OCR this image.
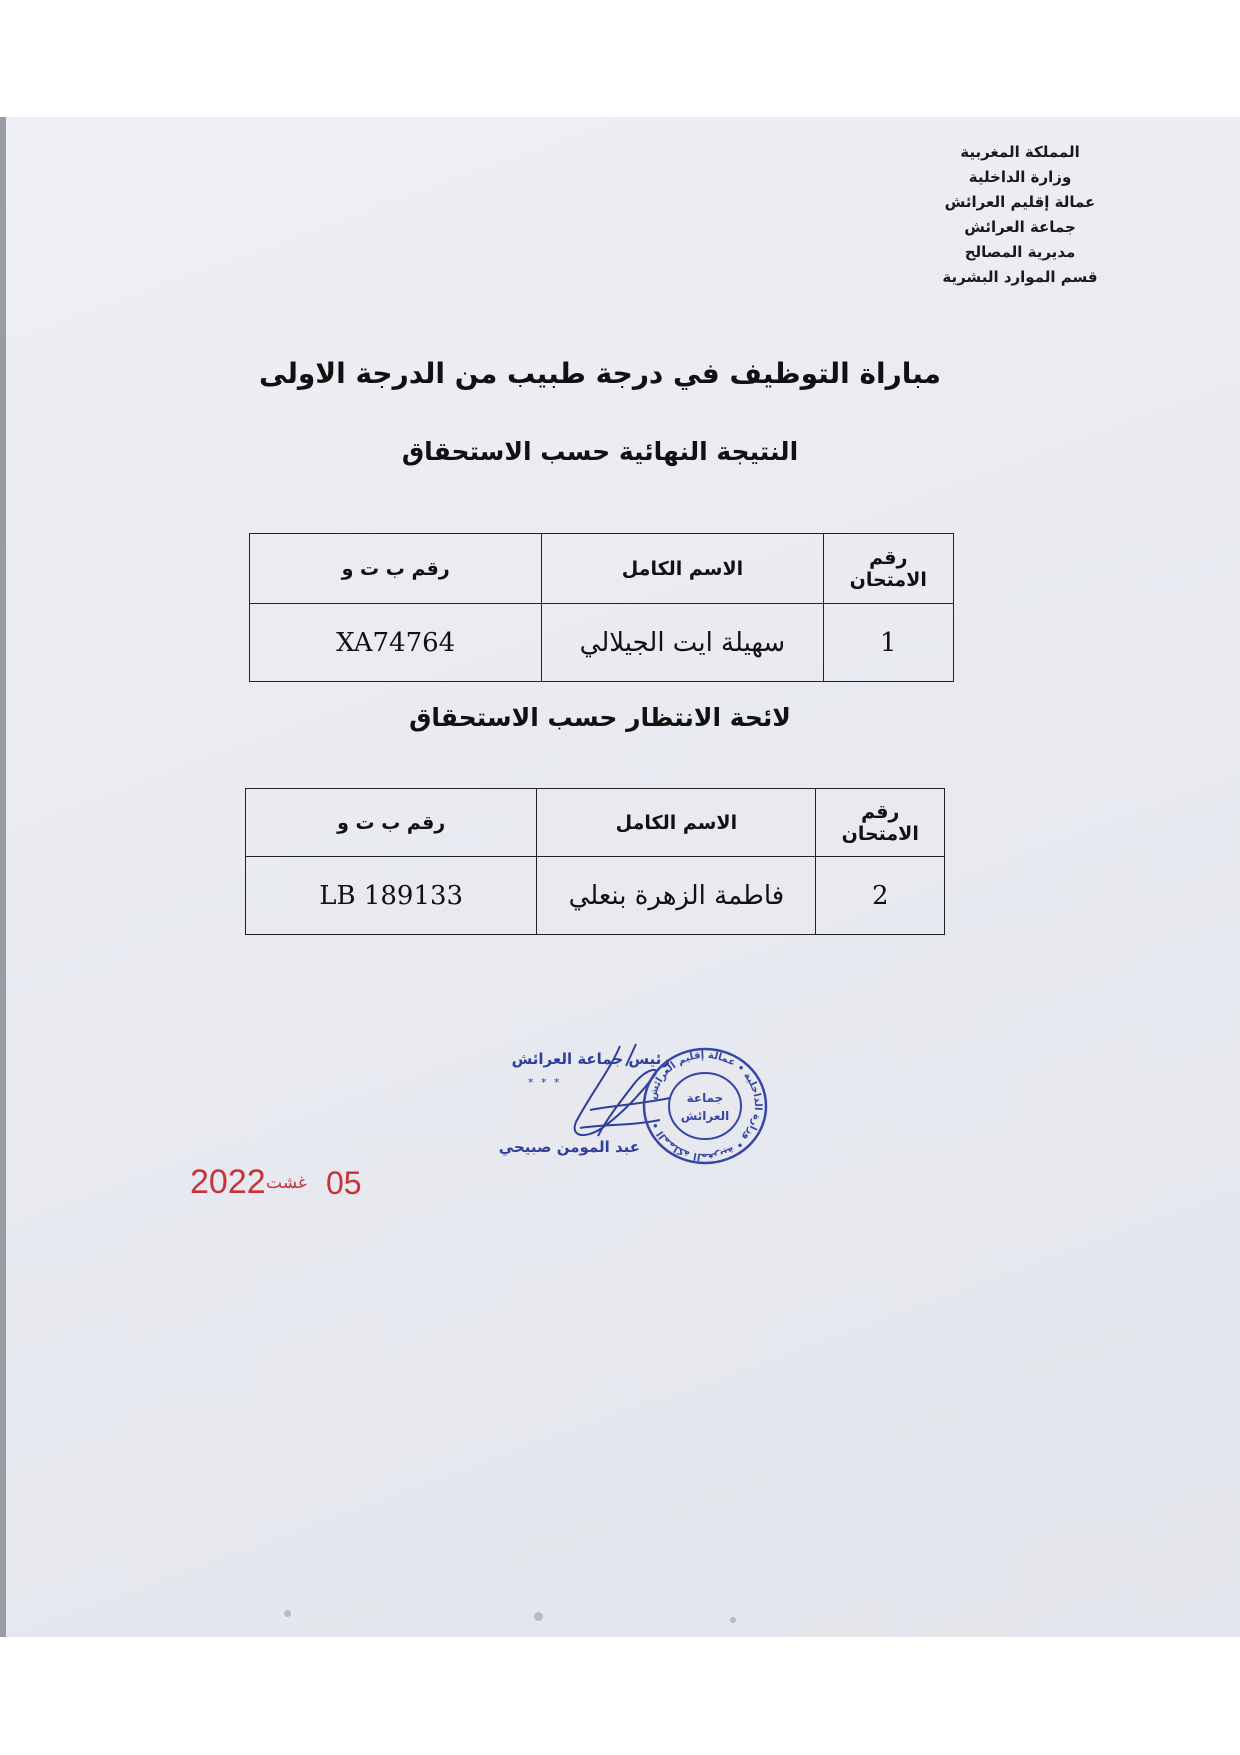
المملكة المغربية
وزارة الداخلية
عمالة إقليم العرائش
جماعة العرائش
مديرية المصالح
قسم الموارد البشرية
مباراة التوظيف في درجة طبيب من الدرجة الاولى
النتيجة النهائية حسب الاستحقاق
رقم
الامتحان	الاسم الكامل	رقم ب ت و
1	سهيلة ايت الجيلالي	XA74764
لائحة الانتظار حسب الاستحقاق
رقم
الامتحان	الاسم الكامل	رقم ب ت و
2	فاطمة الزهرة بنعلي	LB 189133
رئيس جماعة العرائش
* * *
عبد المومن صبيحي
المملكة المغربية • وزارة الداخلية • عمالة إقليم العرائش •
جماعة
العرائش
2022 غشت 05
